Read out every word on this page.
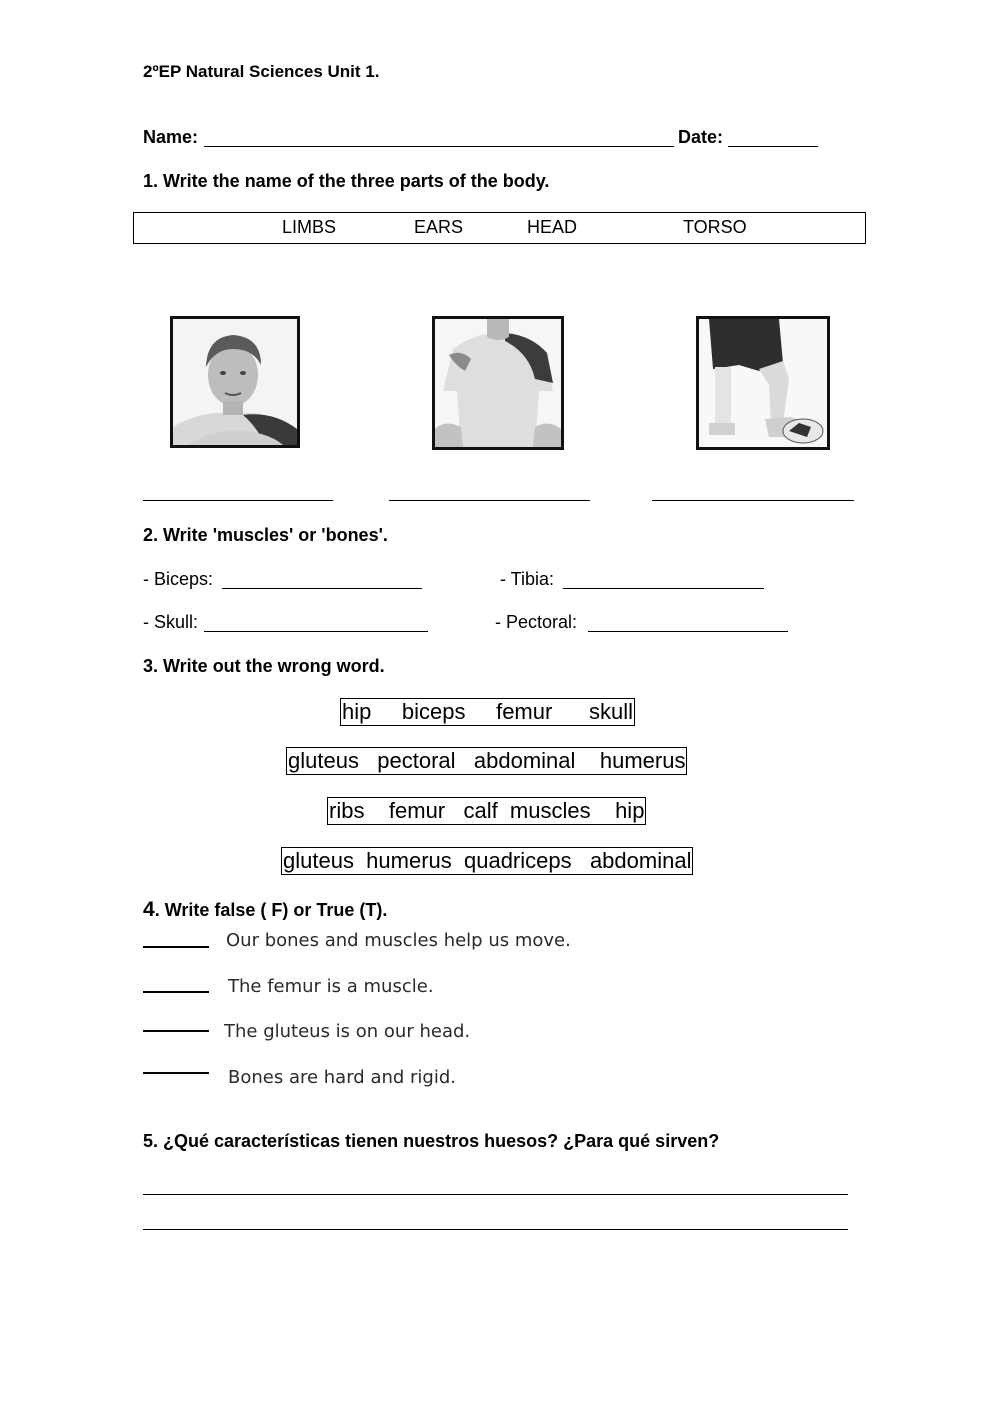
2ºEP Natural Sciences Unit 1.
Name:	Date:
1. Write the name of the three parts of the body.
LIMBS	EARS	HEAD	TORSO
2. Write 'muscles' or 'bones'.
- Biceps:	- Tibia:
- Skull:	- Pectoral:
3. Write out the wrong word.
hip     biceps     femur      skull
gluteus   pectoral   abdominal    humerus
ribs    femur   calf  muscles    hip
gluteus  humerus  quadriceps   abdominal
4. Write false ( F) or True (T).
Our bones and muscles help us move.
The femur is a muscle.
The gluteus is on our head.
Bones are hard and rigid.
5. ¿Qué características tienen nuestros huesos? ¿Para qué sirven?
